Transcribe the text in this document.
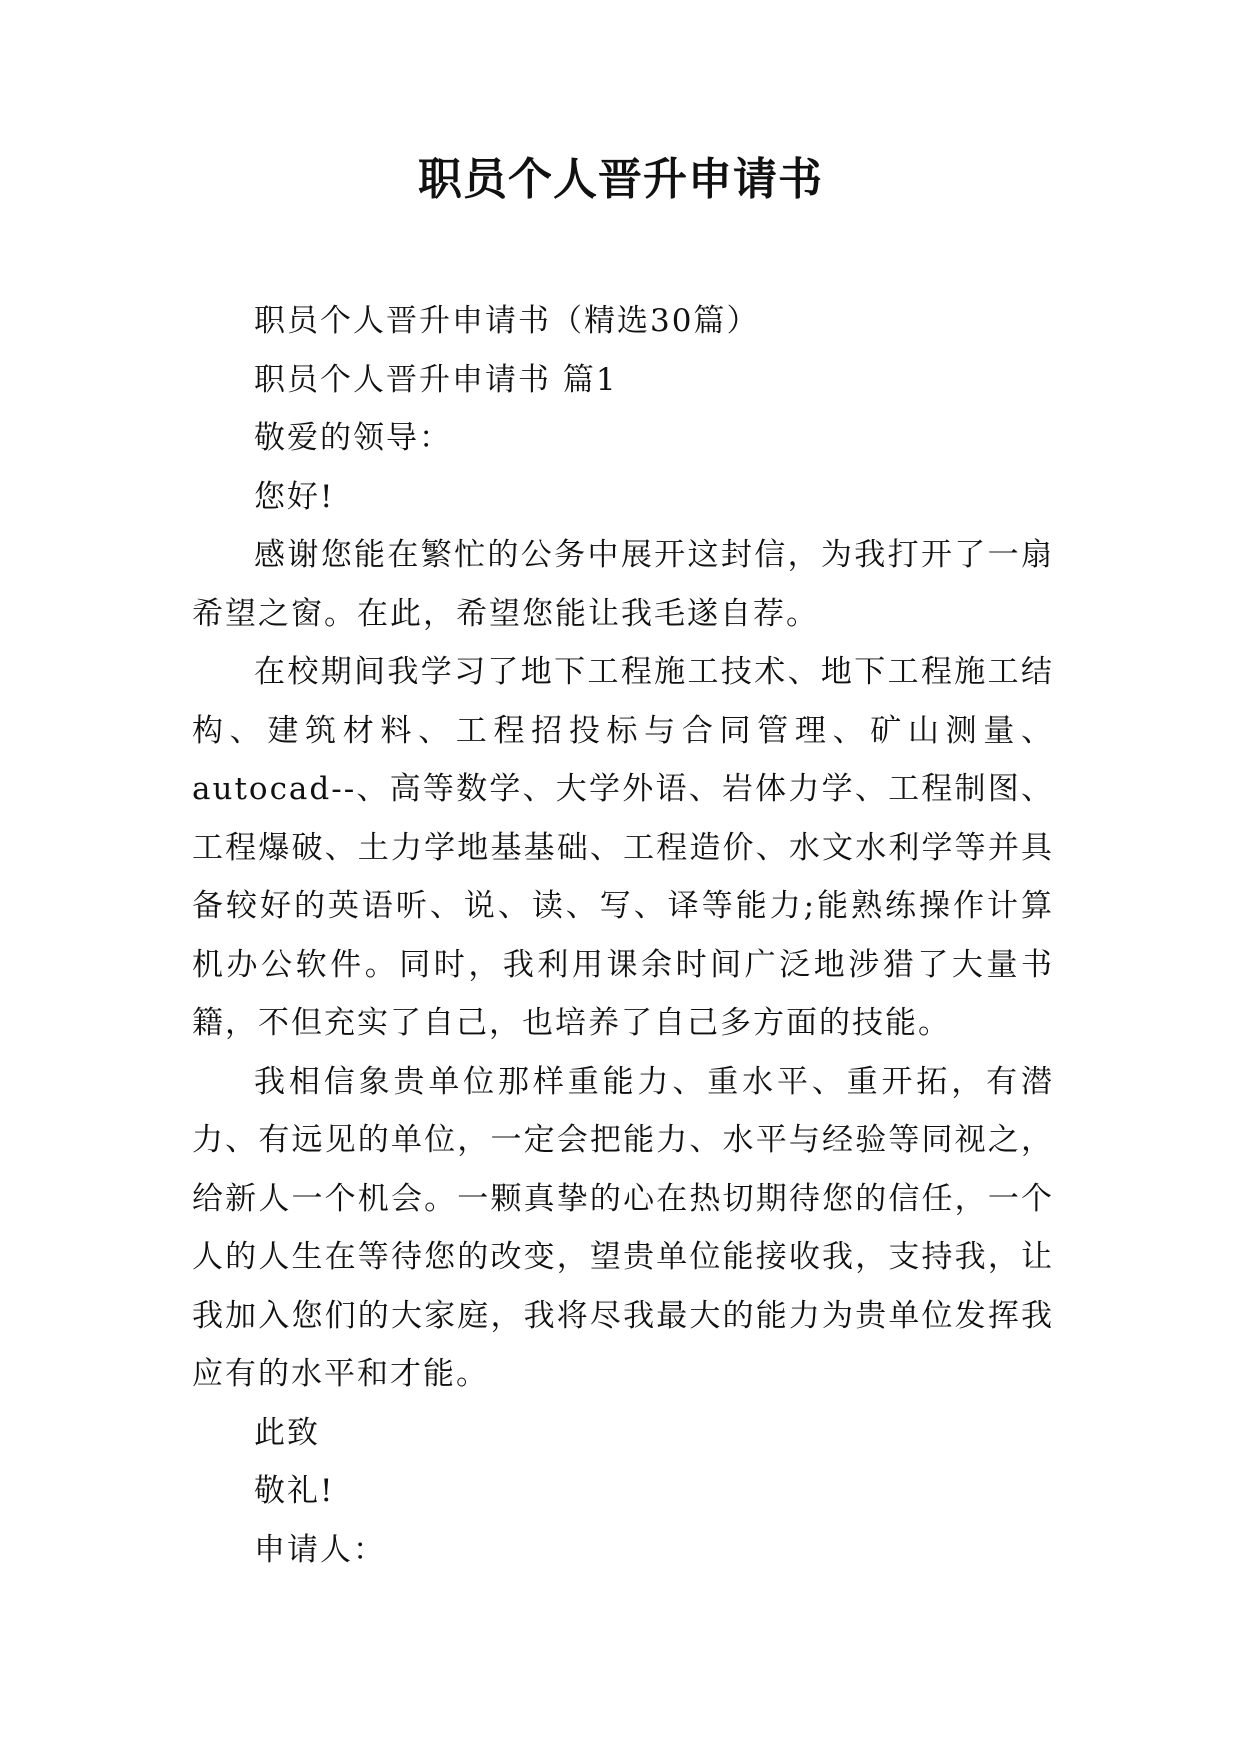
职员个人晋升申请书

职员个人晋升申请书（精选30篇）

职员个人晋升申请书 篇1

敬爱的领导：

您好!

感谢您能在繁忙的公务中展开这封信，为我打开了一扇希望之窗。在此，希望您能让我毛遂自荐。

在校期间我学习了地下工程施工技术、地下工程施工结构、建筑材料、工程招投标与合同管理、矿山测量、autocad--、高等数学、大学外语、岩体力学、工程制图、工程爆破、土力学地基基础、工程造价、水文水利学等并具备较好的英语听、说、读、写、译等能力;能熟练操作计算机办公软件。同时，我利用课余时间广泛地涉猎了大量书籍，不但充实了自己，也培养了自己多方面的技能。

我相信象贵单位那样重能力、重水平、重开拓，有潜力、有远见的单位，一定会把能力、水平与经验等同视之，给新人一个机会。一颗真挚的心在热切期待您的信任，一个人的人生在等待您的改变，望贵单位能接收我，支持我，让我加入您们的大家庭，我将尽我最大的能力为贵单位发挥我应有的水平和才能。

此致

敬礼!

申请人：
